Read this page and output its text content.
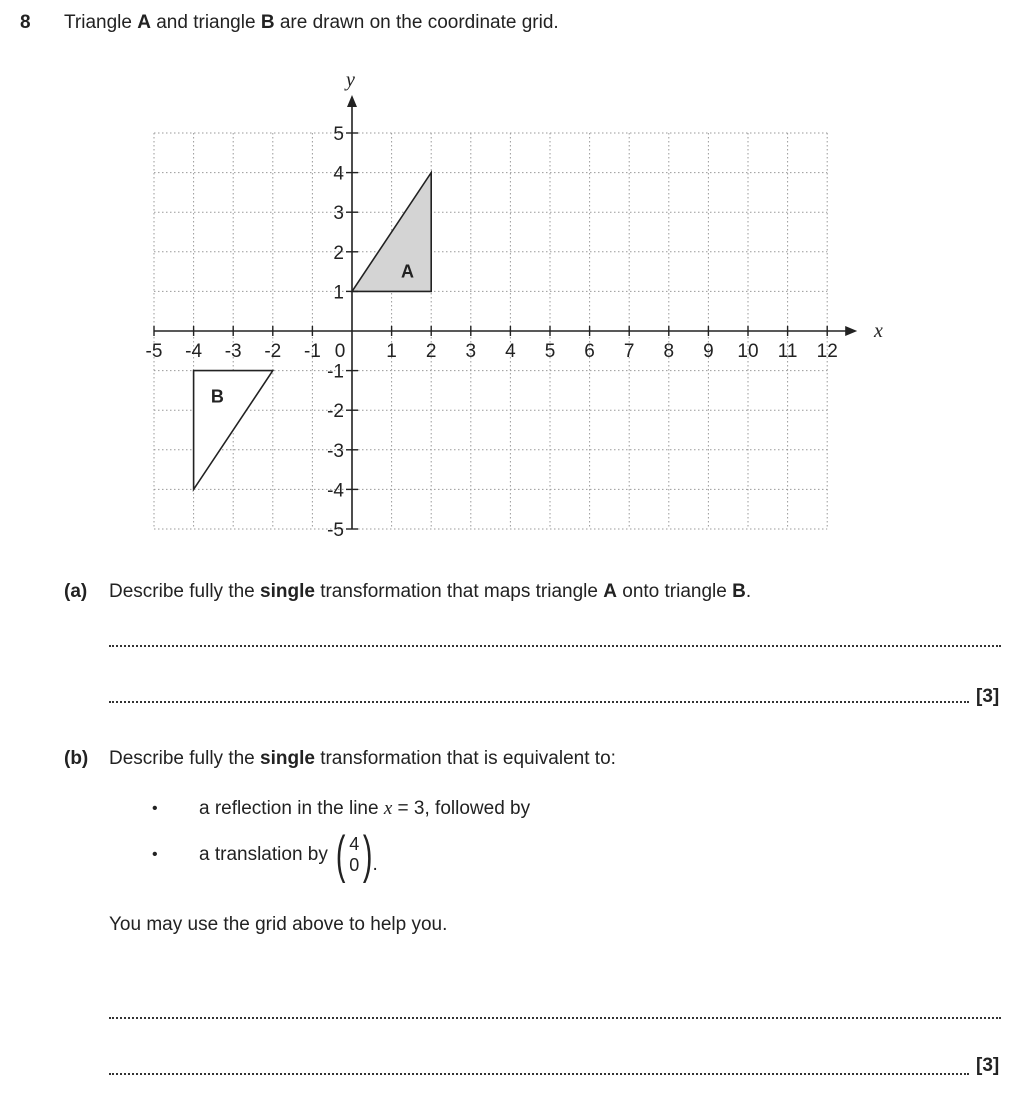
8 Triangle A and triangle B are drawn on the coordinate grid.
-5 -4 -3 -2 -1 0 1 2 3 4 5 6 7 8 9 10 11 12
1
2
3
4
5
-1
-2
-3
-4
-5
x
y
A
B
(a) Describe fully the single transformation that maps triangle A onto triangle B.
[3]
(b) Describe fully the single transformation that is equivalent to:
• a reflection in the line x = 3, followed by
• a translation by ( 4
0 ) .
You may use the grid above to help you.
[3]
